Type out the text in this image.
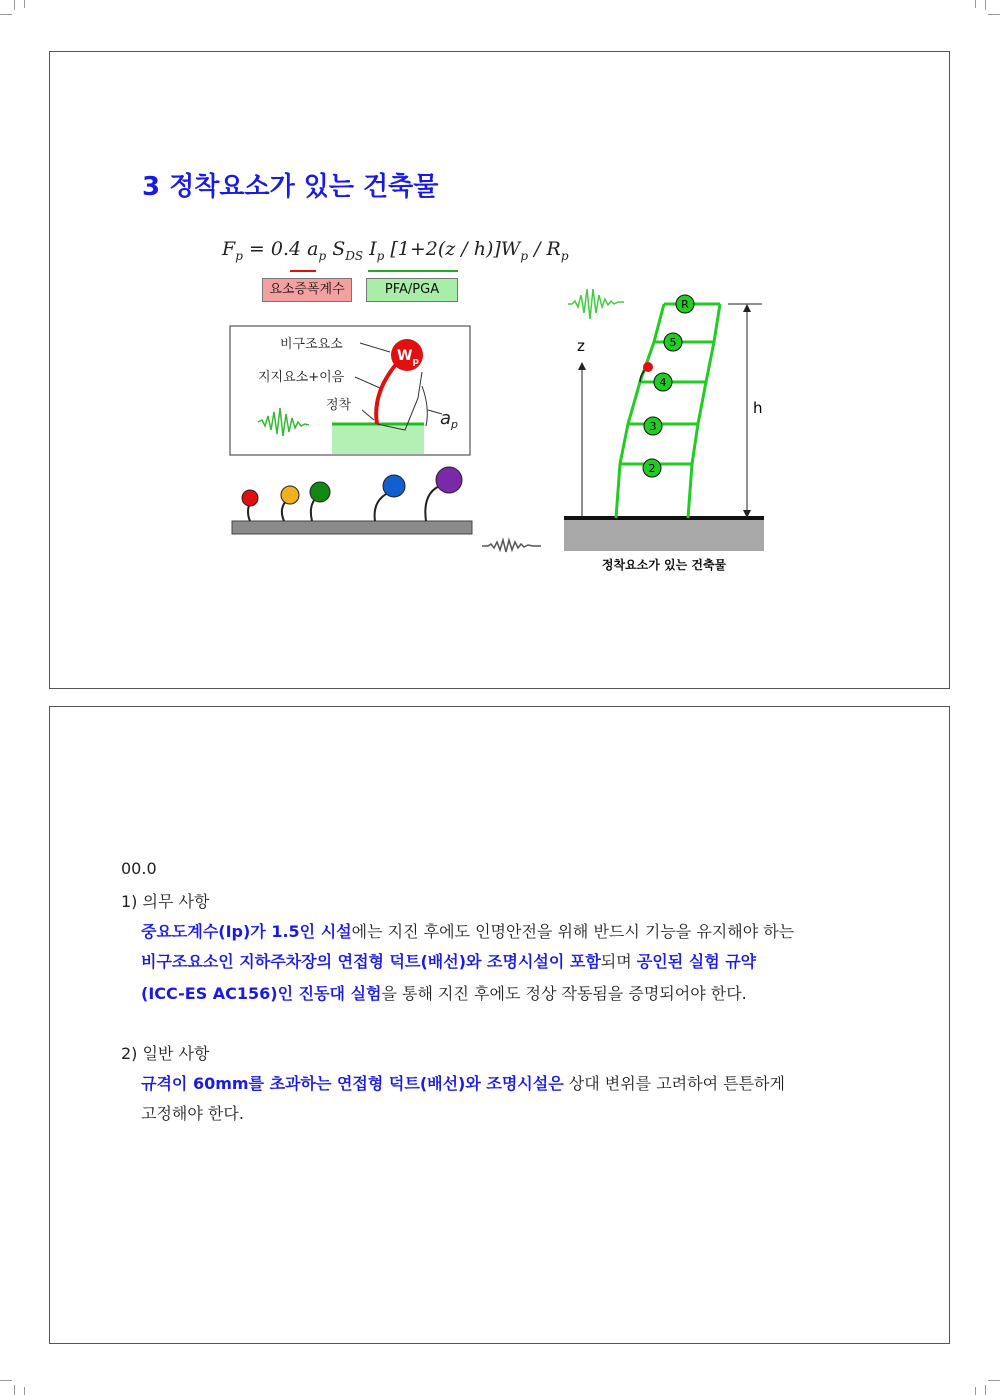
3 정착요소가 있는 건축물
$F_p = 0.4$ $a_p$ $S_{DS}$ $I_p$ $[1+2(z / h)]W_p / R_p$
요소증폭계수	PFA/PGA
$W_p$
$a_p$
비구조요소
지지요소+이음
정착
R
5
4
3
2
z
h
정착요소가 있는 건축물
00.0
1) 의무 사항
중요도계수(Ip)가 1.5인 시설에는 지진 후에도 인명안전을 위해 반드시 기능을 유지해야 하는
비구조요소인 지하주차장의 연접형 덕트(배선)와 조명시설이 포함되며 공인된 실험 규약
(ICC-ES AC156)인 진동대 실험을 통해 지진 후에도 정상 작동됨을 증명되어야 한다.
2) 일반 사항
규격이 60mm를 초과하는 연접형 덕트(배선)와 조명시설은 상대 변위를 고려하여 튼튼하게
고정해야 한다.
